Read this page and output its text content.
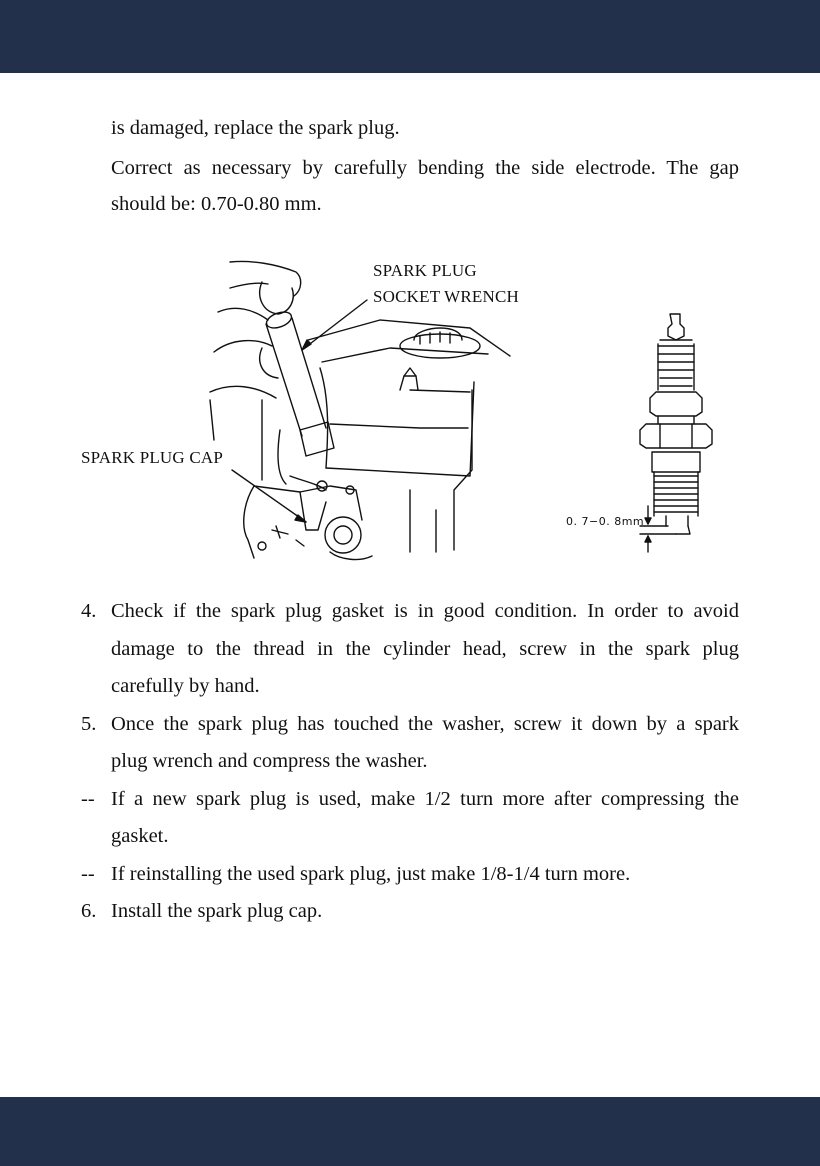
is damaged, replace the spark plug.

Correct as necessary by carefully bending the side electrode. The gap

should be: 0.70-0.80 mm.

SPARK PLUG
SOCKET WRENCH
SPARK PLUG CAP
0. 7−0. 8mm
4. Check if the spark plug gasket is in good condition. In order to avoid
damage to the thread in the cylinder head, screw in the spark plug
carefully by hand.
5. Once the spark plug has touched the washer, screw it down by a spark
plug wrench and compress the washer.
-- If a new spark plug is used, make 1/2 turn more after compressing the
gasket.
-- If reinstalling the used spark plug, just make 1/8-1/4 turn more.
6. Install the spark plug cap.
